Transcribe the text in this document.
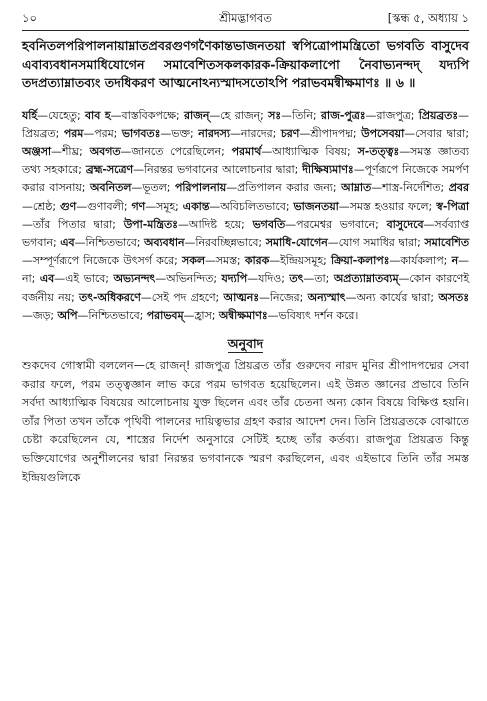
১০	শ্রীমদ্ভাগবত	[স্কন্ধ ৫, অধ্যায় ১

হবনিতলপরিপালনায়াম্নাতপ্রবরগুণগণৈকান্তভাজনতয়া স্বপিত্রোপামন্ত্রিতো ভগবতি বাসুদেব এবাব্যবধানসমাধিযোগেন সমাবেশিতসকলকারক-ক্রিয়াকলাপো নৈবাভ্যনন্দদ্ যদ্যপি তদপ্রত্যাম্নাতব্যং তদধিকরণ আত্মনোঽন্যস্মাদসতোঽপি পরাভবমন্বীক্ষমাণঃ ॥ ৬ ॥

যর্হি—যেহেতু; বাব হ—বাস্তবিকপক্ষে; রাজন্—হে রাজন্; সঃ—তিনি; রাজ-পুত্রঃ—রাজপুত্র; প্রিয়ব্রতঃ—প্রিয়ব্রত; পরম—পরম; ভাগবতঃ—ভক্ত; নারদস্য—নারদের; চরণ—শ্রীপাদপদ্ম; উপসেবয়া—সেবার দ্বারা; অঞ্জসা—শীঘ্র; অবগত—জানতে পেরেছিলেন; পরমার্থ—আধ্যাত্মিক বিষয়; স-তত্ত্বঃ—সমস্ত জ্ঞাতব্য তথ্য সহকারে; ব্রহ্ম-সত্রেণ—নিরন্তর ভগবানের আলোচনার দ্বারা; দীক্ষিষ্যমাণঃ—পূর্ণরূপে নিজেকে সমর্পণ করার বাসনায়; অবনিতল—ভূতল; পরিপালনায়—প্রতিপালন করার জন্য; আম্নাত—শাস্ত্র-নির্দেশিত; প্রবর—শ্রেষ্ঠ; গুণ—গুণাবলী; গণ—সমূহ; একান্ত—অবিচলিতভাবে; ভাজনতয়া—সমস্ত হওয়ার ফলে; স্ব-পিত্রা—তাঁর পিতার দ্বারা; উপা-মন্ত্রিতঃ—আদিষ্ট হয়ে; ভগবতি—পরমেশ্বর ভগবানে; বাসুদেবে—সর্বব্যাপ্ত ভগবান; এব—নিশ্চিতভাবে; অব্যবধান—নিরবচ্ছিন্নভাবে; সমাধি-যোগেন—যোগ সমাধির দ্বারা; সমাবেশিত—সম্পূর্ণরূপে নিজেকে উৎসর্গ করে; সকল—সমস্ত; কারক—ইন্দ্রিয়সমূহ; ক্রিয়া-কলাপঃ—কার্যকলাপ; ন—না; এব—এই ভাবে; অভ্যনন্দৎ—অভিনন্দিত; যদ্যপি—যদিও; তৎ—তা; অপ্রত্যাম্নাতব্যম্—কোন কারণেই বর্জনীয় নয়; তৎ-অধিকরণে—সেই পদ গ্রহণে; আত্মনঃ—নিজের; অন্যস্মাৎ—অন্য কার্যের দ্বারা; অসতঃ—জড়; অপি—নিশ্চিতভাবে; পরাভবম্—হ্রাস; অন্বীক্ষমাণঃ—ভবিষ্যৎ দর্শন করে।

অনুবাদ

শুকদেব গোস্বামী বললেন—হে রাজন্! রাজপুত্র প্রিয়ব্রত তাঁর গুরুদেব নারদ মুনির শ্রীপাদপদ্মের সেবা করার ফলে, পরম তত্ত্বজ্ঞান লাভ করে পরম ভাগবত হয়েছিলেন। এই উন্নত জ্ঞানের প্রভাবে তিনি সর্বদা আধ্যাত্মিক বিষয়ের আলোচনায় যুক্ত ছিলেন এবং তাঁর চেতনা অন্য কোন বিষয়ে বিক্ষিপ্ত হয়নি। তাঁর পিতা তখন তাঁকে পৃথিবী পালনের দায়িত্বভার গ্রহণ করার আদেশ দেন। তিনি প্রিয়ব্রতকে বোঝাতে চেষ্টা করেছিলেন যে, শাস্ত্রের নির্দেশ অনুসারে সেটিই হচ্ছে তাঁর কর্তব্য। রাজপুত্র প্রিয়ব্রত কিন্তু ভক্তিযোগের অনুশীলনের দ্বারা নিরন্তর ভগবানকে স্মরণ করছিলেন, এবং এইভাবে তিনি তাঁর সমস্ত ইন্দ্রিয়গুলিকে
